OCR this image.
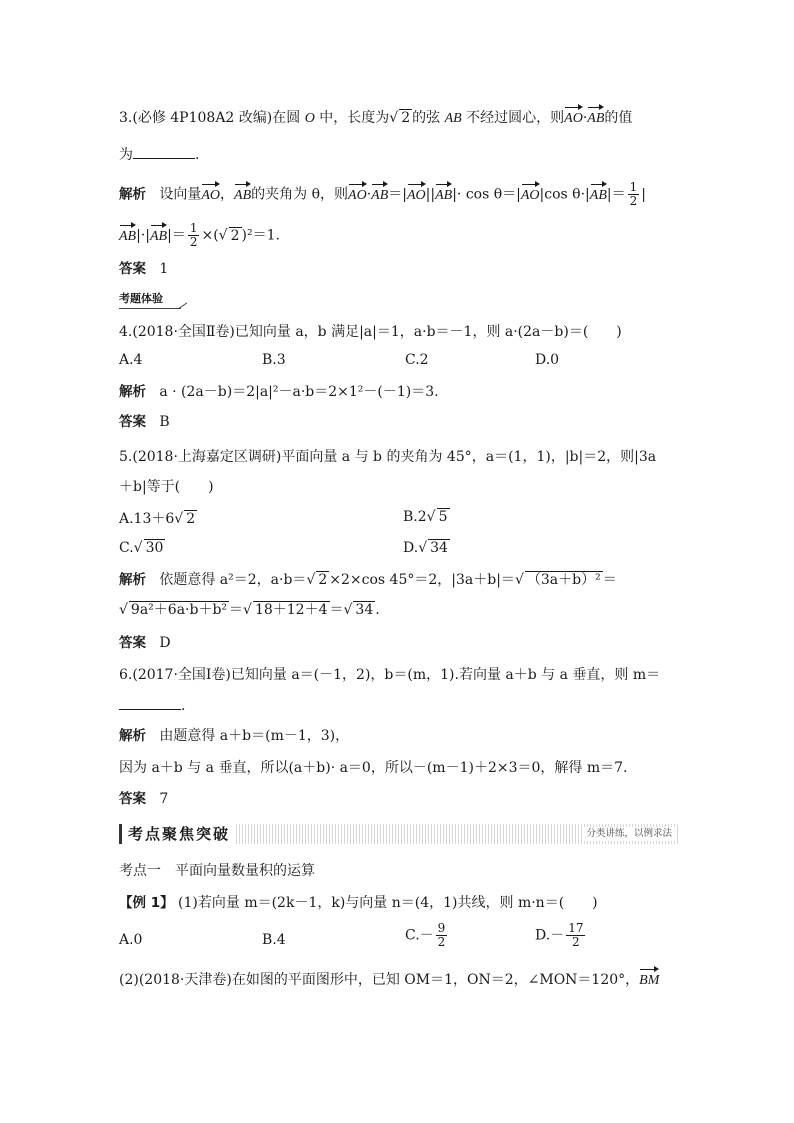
3.(必修 4P108A2 改编)在圆 O 中，长度为√ 2 的弦 AB 不经过圆心，则AO·AB的值
为	.
解析 设向量AO，AB的夹角为 θ，则AO·AB＝|AO||AB|· cos θ＝|AO|cos $\theta\cdot|AB|= \frac{1}{2}$ |
$AB|\cdot|AB|= \frac{1}{2}$ ×(√ 2 )²＝1.
答案 1
考题体验
4.(2018·全国Ⅱ卷)已知向量 a，b 满足|a|＝1，a·b＝－1，则 a·(2a－b)＝(　　)
A.4	B.3	C.2	D.0
解析 a · (2a－b)＝2|a|²－a·b＝2×1²－(－1)＝3.
答案 B
5.(2018·上海嘉定区调研)平面向量 a 与 b 的夹角为 45°，a＝(1，1)，|b|＝2，则|3a
＋b|等于(　　)
A.13＋6√ 2	B.2√ 5
C.√ 30	D.√ 34
解析 依题意得 a²＝2，a·b＝√ 2 ×2×cos 45°＝2，|3a＋b|＝√ （3a＋b）² ＝
√ 9a²＋6a·b＋b² ＝√ 18＋12＋4 ＝√ 34 .
答案 D
6.(2017·全国Ⅰ卷)已知向量 a＝(－1，2)，b＝(m，1).若向量 a＋b 与 a 垂直，则 m＝
.
解析 由题意得 a＋b＝(m－1，3)，
因为 a＋b 与 a 垂直，所以(a＋b)· a＝0，所以－(m－1)＋2×3＝0，解得 m＝7.
答案 7
考点聚焦突破	分类讲练，以例求法
考点一　平面向量数量积的运算
【例 1】 (1)若向量 m＝(2k－1，k)与向量 n＝(4，1)共线，则 m·n＝(　　)
A.0	B.4	$C.- \frac{9}{2}$	$D.- \frac{17}{2}$
(2)(2018·天津卷)在如图的平面图形中，已知 OM＝1，ON＝2，∠MON＝120°，BM
